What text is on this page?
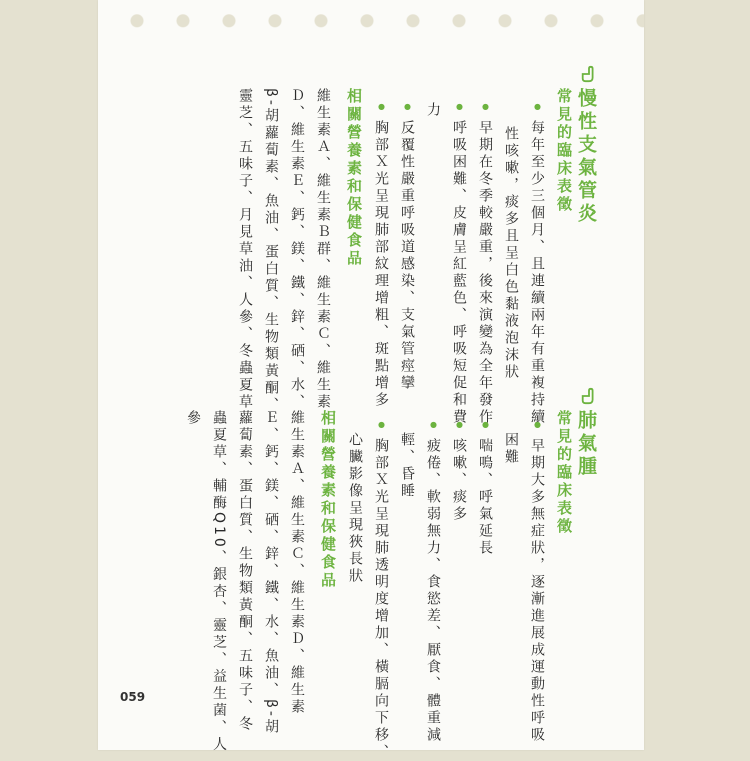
慢性支氣管炎
常見的臨床表徵
● 每年至少三個月、且連續兩年有重複持續
性咳嗽，痰多且呈白色黏液泡沫狀
● 早期在冬季較嚴重，後來演變為全年發作
● 呼吸困難、皮膚呈紅藍色、呼吸短促和費
力
● 反覆性嚴重呼吸道感染、支氣管痙攣
● 胸部Ｘ光呈現肺部紋理增粗、斑點增多
相關營養素和保健食品
維生素Ａ、維生素Ｂ群、維生素Ｃ、維生素
Ｄ、維生素Ｅ、鈣、鎂、鐵、鋅、硒、水、
β-胡蘿蔔素、魚油、蛋白質、生物類黃酮、
靈芝、五味子、月見草油、人參、冬蟲夏草
肺氣腫
常見的臨床表徵
● 早期大多無症狀，逐漸進展成運動性呼吸
困難
● 喘鳴、呼氣延長
● 咳嗽、痰多
● 疲倦、軟弱無力、食慾差、厭食、體重減
輕、昏睡
● 胸部Ｘ光呈現肺透明度增加、橫膈向下移、
心臟影像呈現狹長狀
相關營養素和保健食品
維生素Ａ、維生素Ｃ、維生素Ｄ、維生素
Ｅ、鈣、鎂、硒、鋅、鐵、水、魚油、β-胡
蘿蔔素、蛋白質、生物類黃酮、五味子、冬
蟲夏草、輔酶Q10、銀杏、靈芝、益生菌、人
參
059
